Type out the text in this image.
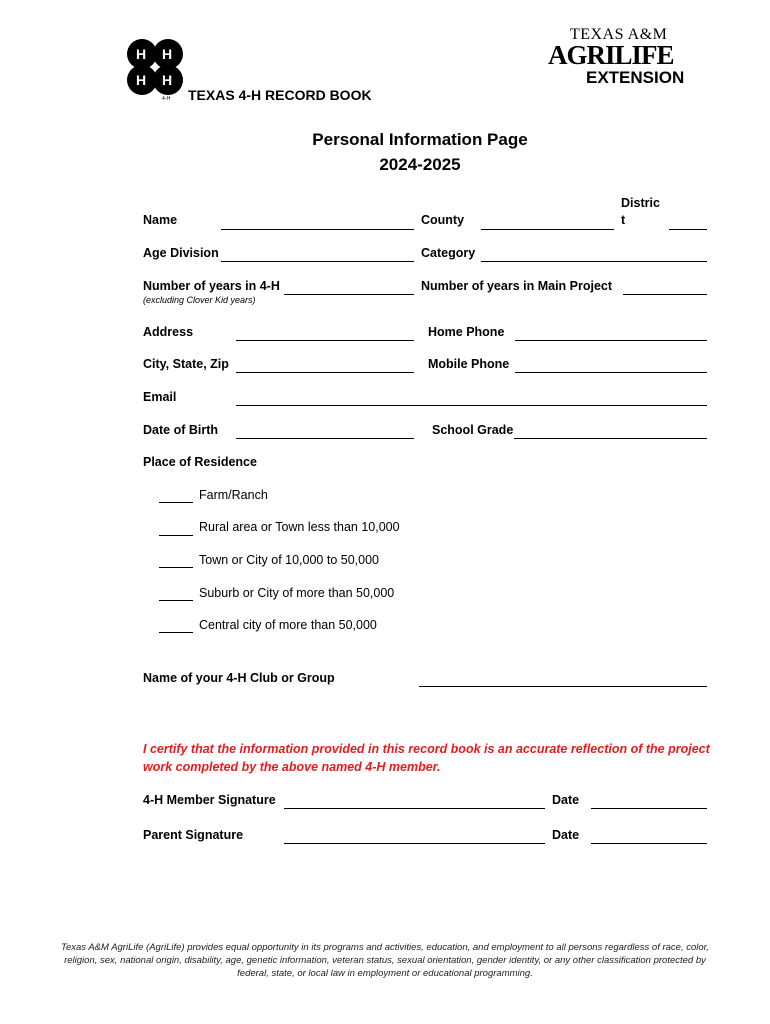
H H
H H
4-H TEXAS 4-H RECORD BOOK
TEXAS A&M
AGRILIFE
EXTENSION
Personal Information Page
2024-2025
Name	County
Distric
t
Age Division	Category
Number of years in 4-H
(excluding Clover Kid years)
Number of years in Main Project
Address	Home Phone
City, State, Zip	Mobile Phone
Email
Date of Birth	School Grade
Place of Residence
Farm/Ranch
Rural area or Town less than 10,000
Town or City of 10,000 to 50,000
Suburb or City of more than 50,000
Central city of more than 50,000
Name of your 4-H Club or Group
I certify that the information provided in this record book is an accurate reflection of the project work completed by the above named 4-H member.
4-H Member Signature	Date
Parent Signature	Date
Texas A&M AgriLife (AgriLife) provides equal opportunity in its programs and activities, education, and employment to all persons regardless of race, color, religion, sex, national origin, disability, age, genetic information, veteran status, sexual orientation, gender identity, or any other classification protected by federal, state, or local law in employment or educational programming.
